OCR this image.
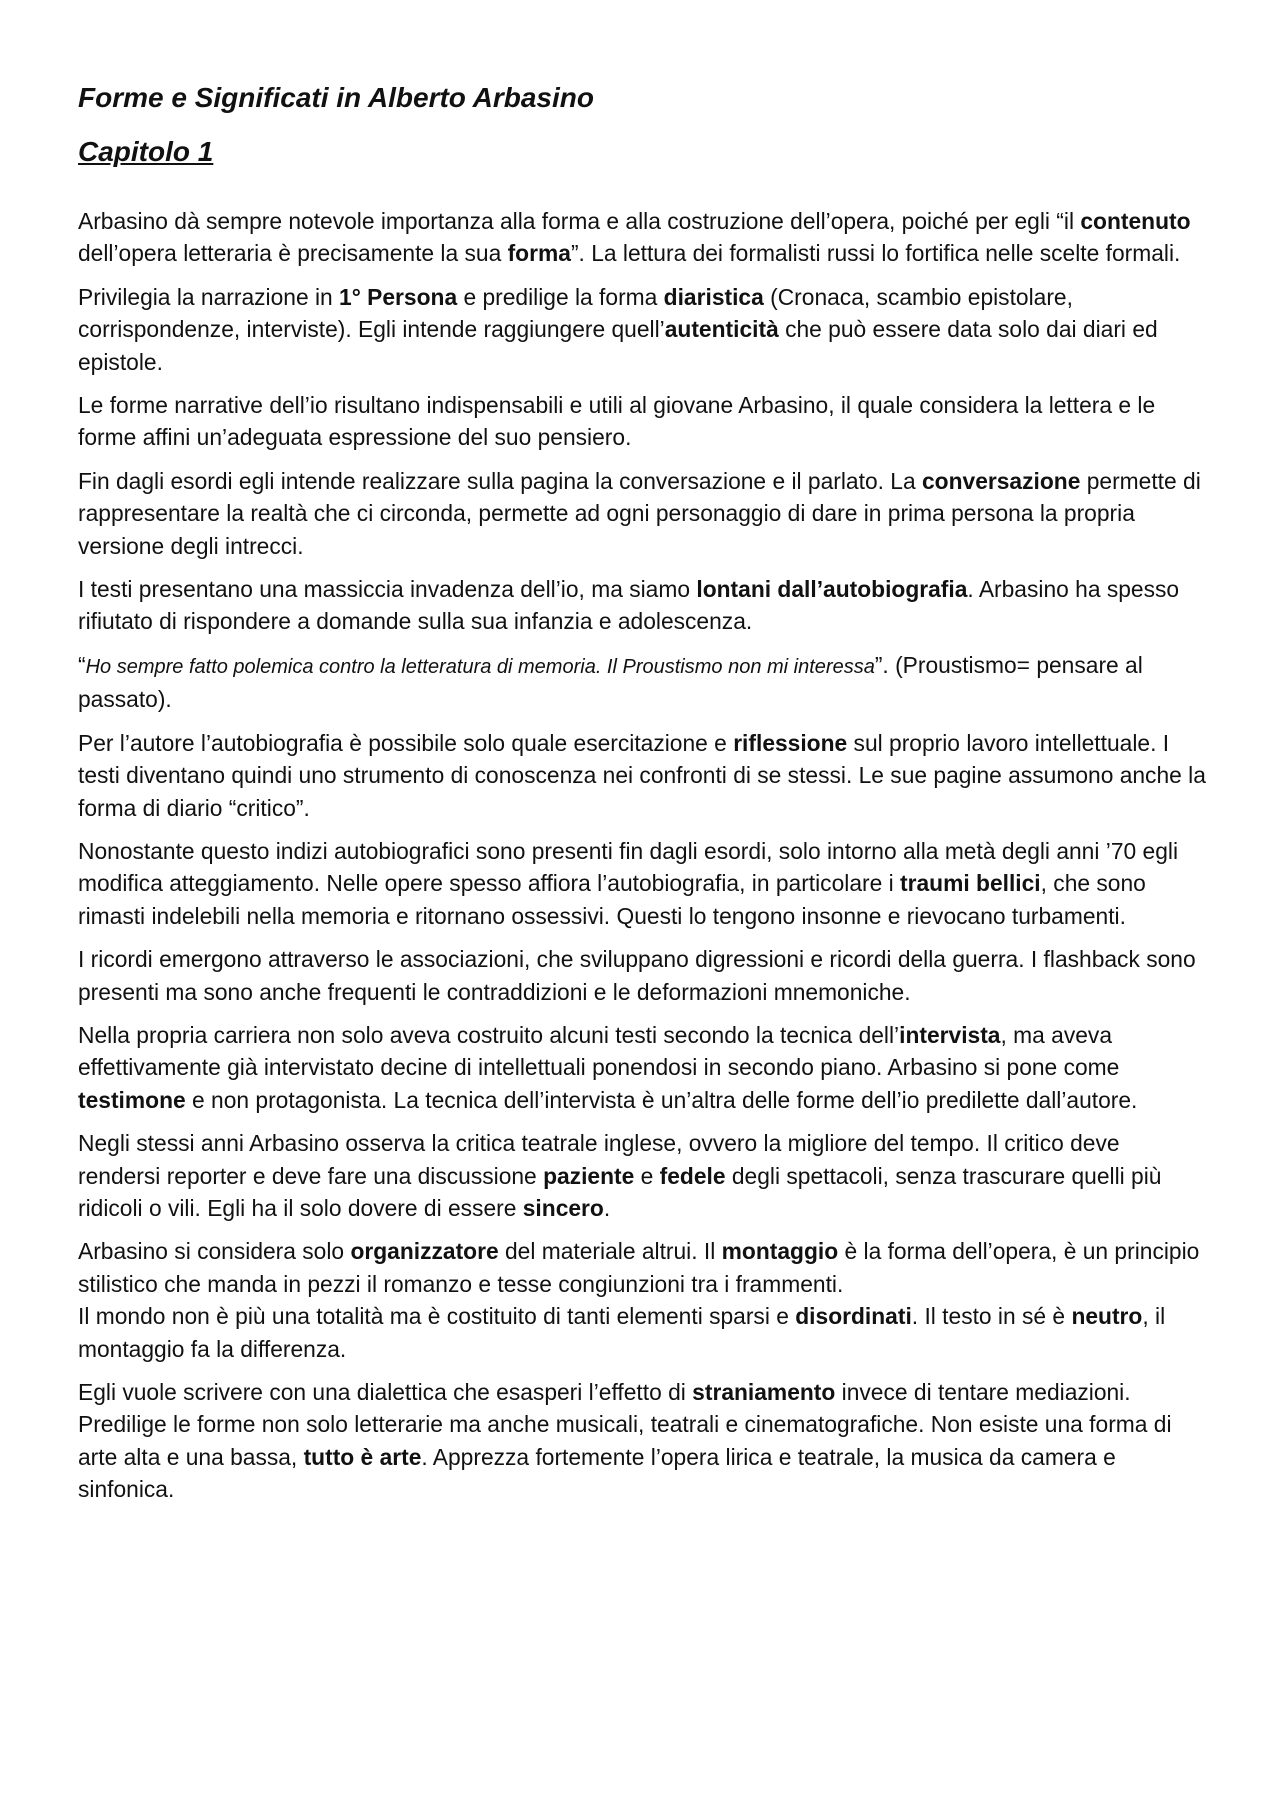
Forme e Significati in Alberto Arbasino
Capitolo 1

Arbasino dà sempre notevole importanza alla forma e alla costruzione dell’opera, poiché per egli “il contenuto dell’opera letteraria è precisamente la sua forma”. La lettura dei formalisti russi lo fortifica nelle scelte formali.

Privilegia la narrazione in 1° Persona e predilige la forma diaristica (Cronaca, scambio epistolare, corrispondenze, interviste). Egli intende raggiungere quell’autenticità che può essere data solo dai diari ed epistole.

Le forme narrative dell’io risultano indispensabili e utili al giovane Arbasino, il quale considera la lettera e le forme affini un’adeguata espressione del suo pensiero.

Fin dagli esordi egli intende realizzare sulla pagina la conversazione e il parlato. La conversazione permette di rappresentare la realtà che ci circonda, permette ad ogni personaggio di dare in prima persona la propria versione degli intrecci.

I testi presentano una massiccia invadenza dell’io, ma siamo lontani dall’autobiografia. Arbasino ha spesso rifiutato di rispondere a domande sulla sua infanzia e adolescenza.

“Ho sempre fatto polemica contro la letteratura di memoria. Il Proustismo non mi interessa”. (Proustismo= pensare al passato).

Per l’autore l’autobiografia è possibile solo quale esercitazione e riflessione sul proprio lavoro intellettuale. I testi diventano quindi uno strumento di conoscenza nei confronti di se stessi. Le sue pagine assumono anche la forma di diario “critico”.

Nonostante questo indizi autobiografici sono presenti fin dagli esordi, solo intorno alla metà degli anni ’70 egli modifica atteggiamento. Nelle opere spesso affiora l’autobiografia, in particolare i traumi bellici, che sono rimasti indelebili nella memoria e ritornano ossessivi. Questi lo tengono insonne e rievocano turbamenti.

I ricordi emergono attraverso le associazioni, che sviluppano digressioni e ricordi della guerra. I flashback sono presenti ma sono anche frequenti le contraddizioni e le deformazioni mnemoniche.

Nella propria carriera non solo aveva costruito alcuni testi secondo la tecnica dell’intervista, ma aveva effettivamente già intervistato decine di intellettuali ponendosi in secondo piano. Arbasino si pone come testimone e non protagonista. La tecnica dell’intervista è un’altra delle forme dell’io predilette dall’autore.

Negli stessi anni Arbasino osserva la critica teatrale inglese, ovvero la migliore del tempo. Il critico deve rendersi reporter e deve fare una discussione paziente e fedele degli spettacoli, senza trascurare quelli più ridicoli o vili. Egli ha il solo dovere di essere sincero.

Arbasino si considera solo organizzatore del materiale altrui. Il montaggio è la forma dell’opera, è un principio stilistico che manda in pezzi il romanzo e tesse congiunzioni tra i frammenti.
Il mondo non è più una totalità ma è costituito di tanti elementi sparsi e disordinati. Il testo in sé è neutro, il montaggio fa la differenza.

Egli vuole scrivere con una dialettica che esasperi l’effetto di straniamento invece di tentare mediazioni. Predilige le forme non solo letterarie ma anche musicali, teatrali e cinematografiche. Non esiste una forma di arte alta e una bassa, tutto è arte. Apprezza fortemente l’opera lirica e teatrale, la musica da camera e sinfonica.
